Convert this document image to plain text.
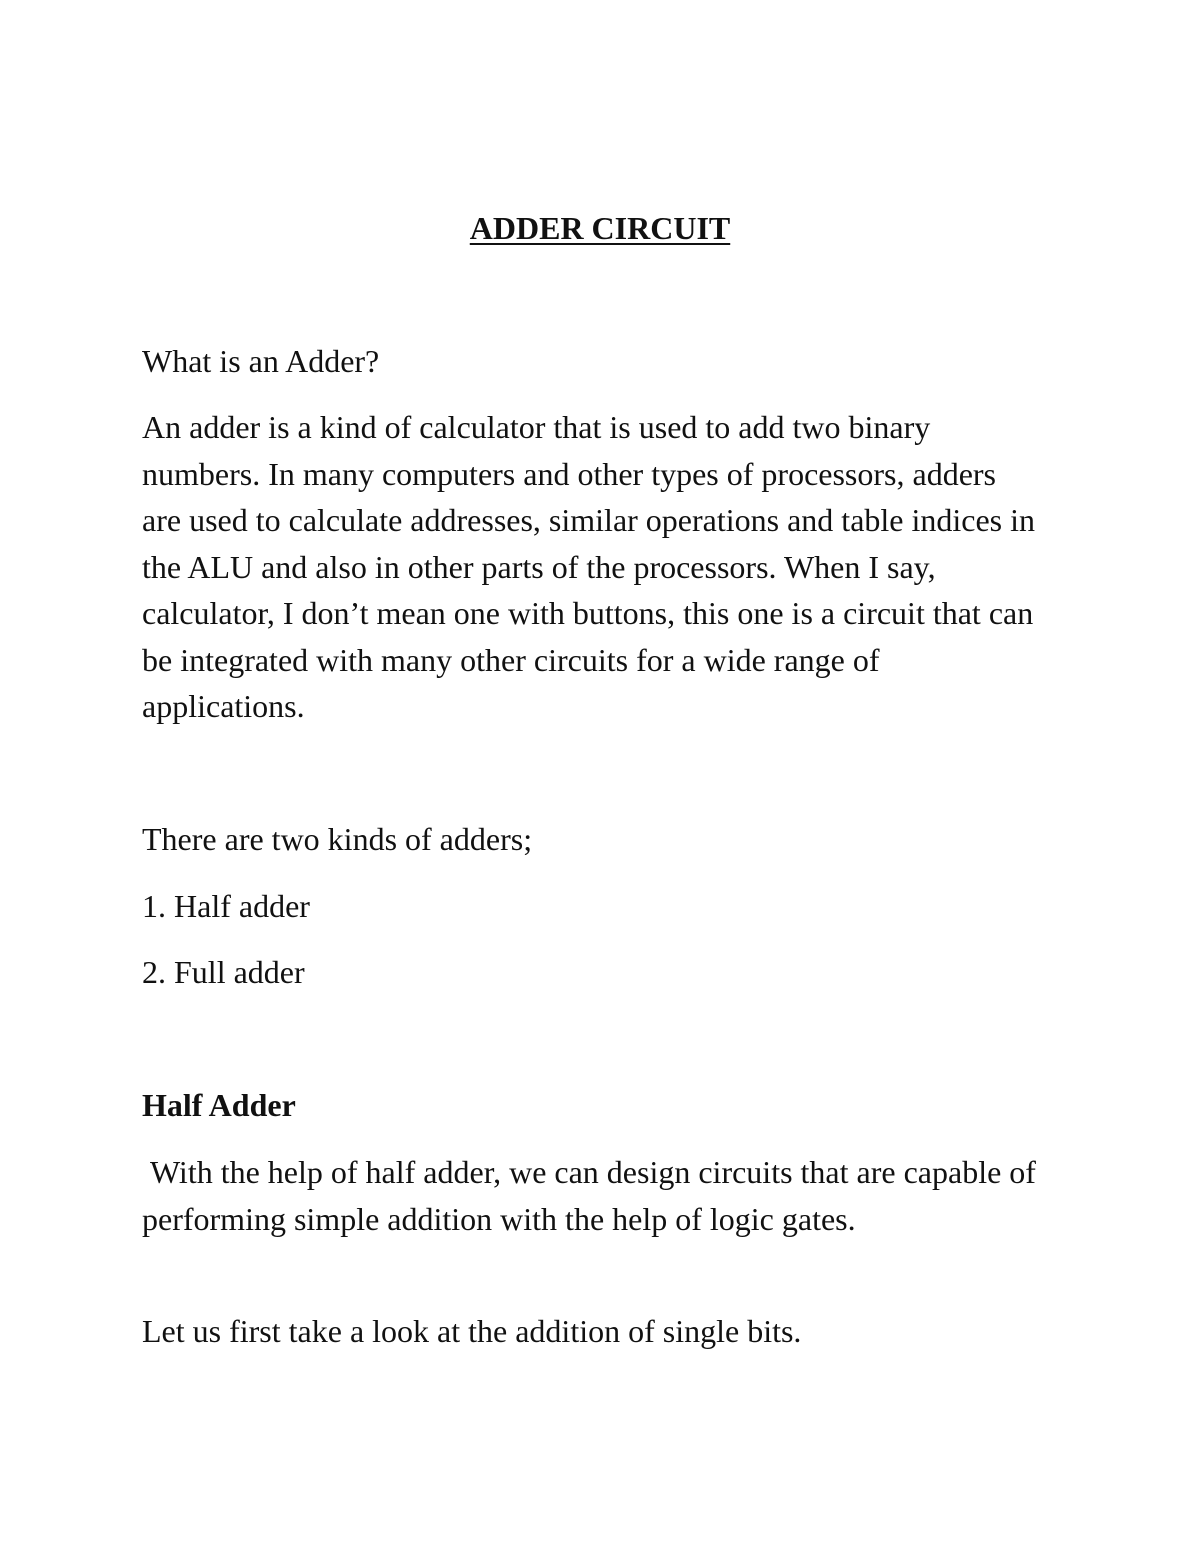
ADDER CIRCUIT

What is an Adder?

An adder is a kind of calculator that is used to add two binary numbers. In many computers and other types of processors, adders are used to calculate addresses, similar operations and table indices in the ALU and also in other parts of the processors. When I say, calculator, I don’t mean one with buttons, this one is a circuit that can be integrated with many other circuits for a wide range of applications.

There are two kinds of adders;

1. Half adder

2. Full adder

Half Adder

With the help of half adder, we can design circuits that are capable of performing simple addition with the help of logic gates.

Let us first take a look at the addition of single bits.
